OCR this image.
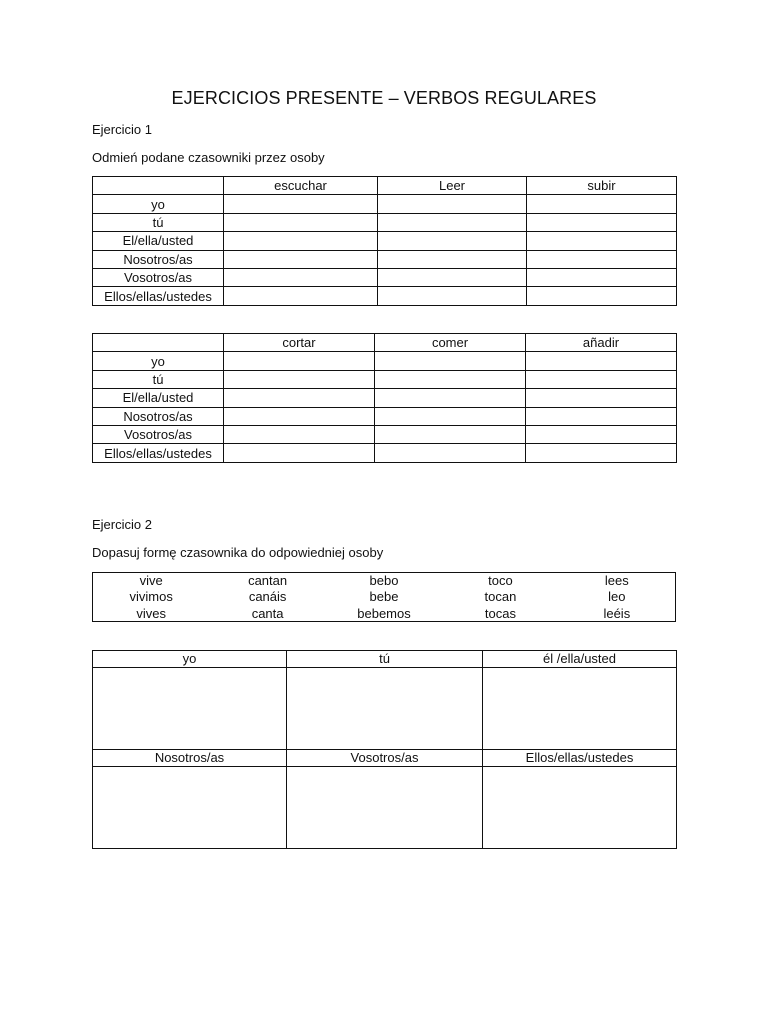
EJERCICIOS PRESENTE – VERBOS REGULARES
Ejercicio 1
Odmień podane czasowniki przez osoby
	escuchar	Leer	subir
yo			
tú			
El/ella/usted			
Nosotros/as			
Vosotros/as			
Ellos/ellas/ustedes			
	cortar	comer	añadir
yo			
tú			
El/ella/usted			
Nosotros/as			
Vosotros/as			
Ellos/ellas/ustedes			
Ejercicio 2
Dopasuj formę czasownika do odpowiedniej osoby
vive	cantan	bebo	toco	lees
vivimos	canáis	bebe	tocan	leo
vives	canta	bebemos	tocas	leéis
yo	tú	él /ella/usted

Nosotros/as	Vosotros/as	Ellos/ellas/ustedes
